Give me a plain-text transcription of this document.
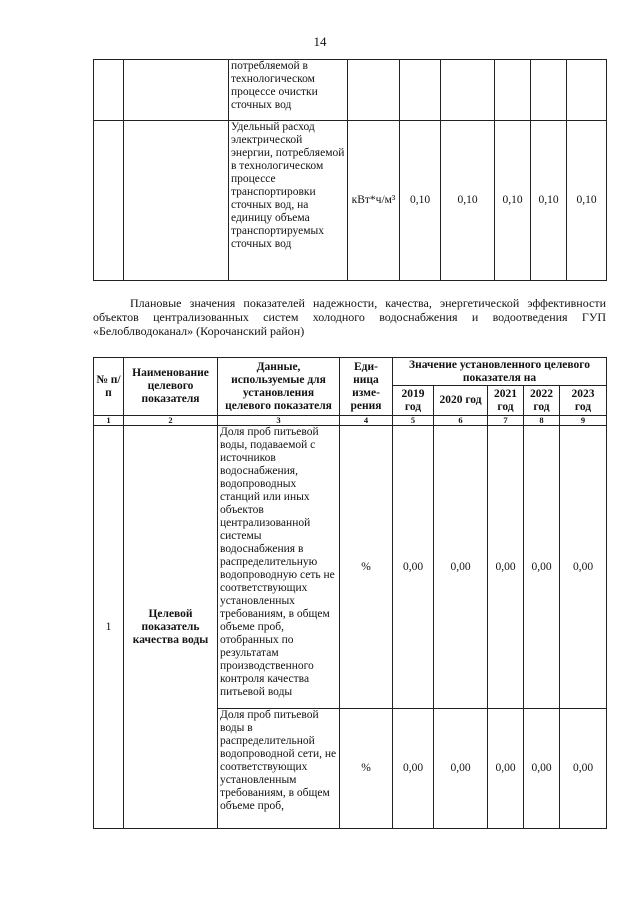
14
		потребляемой в технологическом процессе очистки сточных вод						
		Удельный расход электрической энергии, потребляемой в технологическом процессе транспортировки сточных вод, на единицу объема транспортируемых сточных вод	кВт*ч/м³	0,10	0,10	0,10	0,10	0,10
Плановые значения показателей надежности, качества, энергетической эффективности объектов централизованных систем холодного водоснабжения и водоотведения ГУП «Белоблводоканал» (Корочанский район)
№ п/п	Наименование целевого показателя	Данные, используемые для установления целевого показателя	Еди-ница изме-рения	Значение установленного целевого показателя на				
				2019 год	2020 год	2021 год	2022 год	2023 год
1	2	3	4	5	6	7	8	9
1	Целевой показатель качества воды	Доля проб питьевой воды, подаваемой с источников водоснабжения, водопроводных станций или иных объектов централизованной системы водоснабжения в распределительную водопроводную сеть не соответствующих установленных требованиям, в общем объеме проб, отобранных по результатам производственного контроля качества питьевой воды	%	0,00	0,00	0,00	0,00	0,00
		Доля проб питьевой воды в распределительной водопроводной сети, не соответствующих установленным требованиям, в общем объеме проб,	%	0,00	0,00	0,00	0,00	0,00
